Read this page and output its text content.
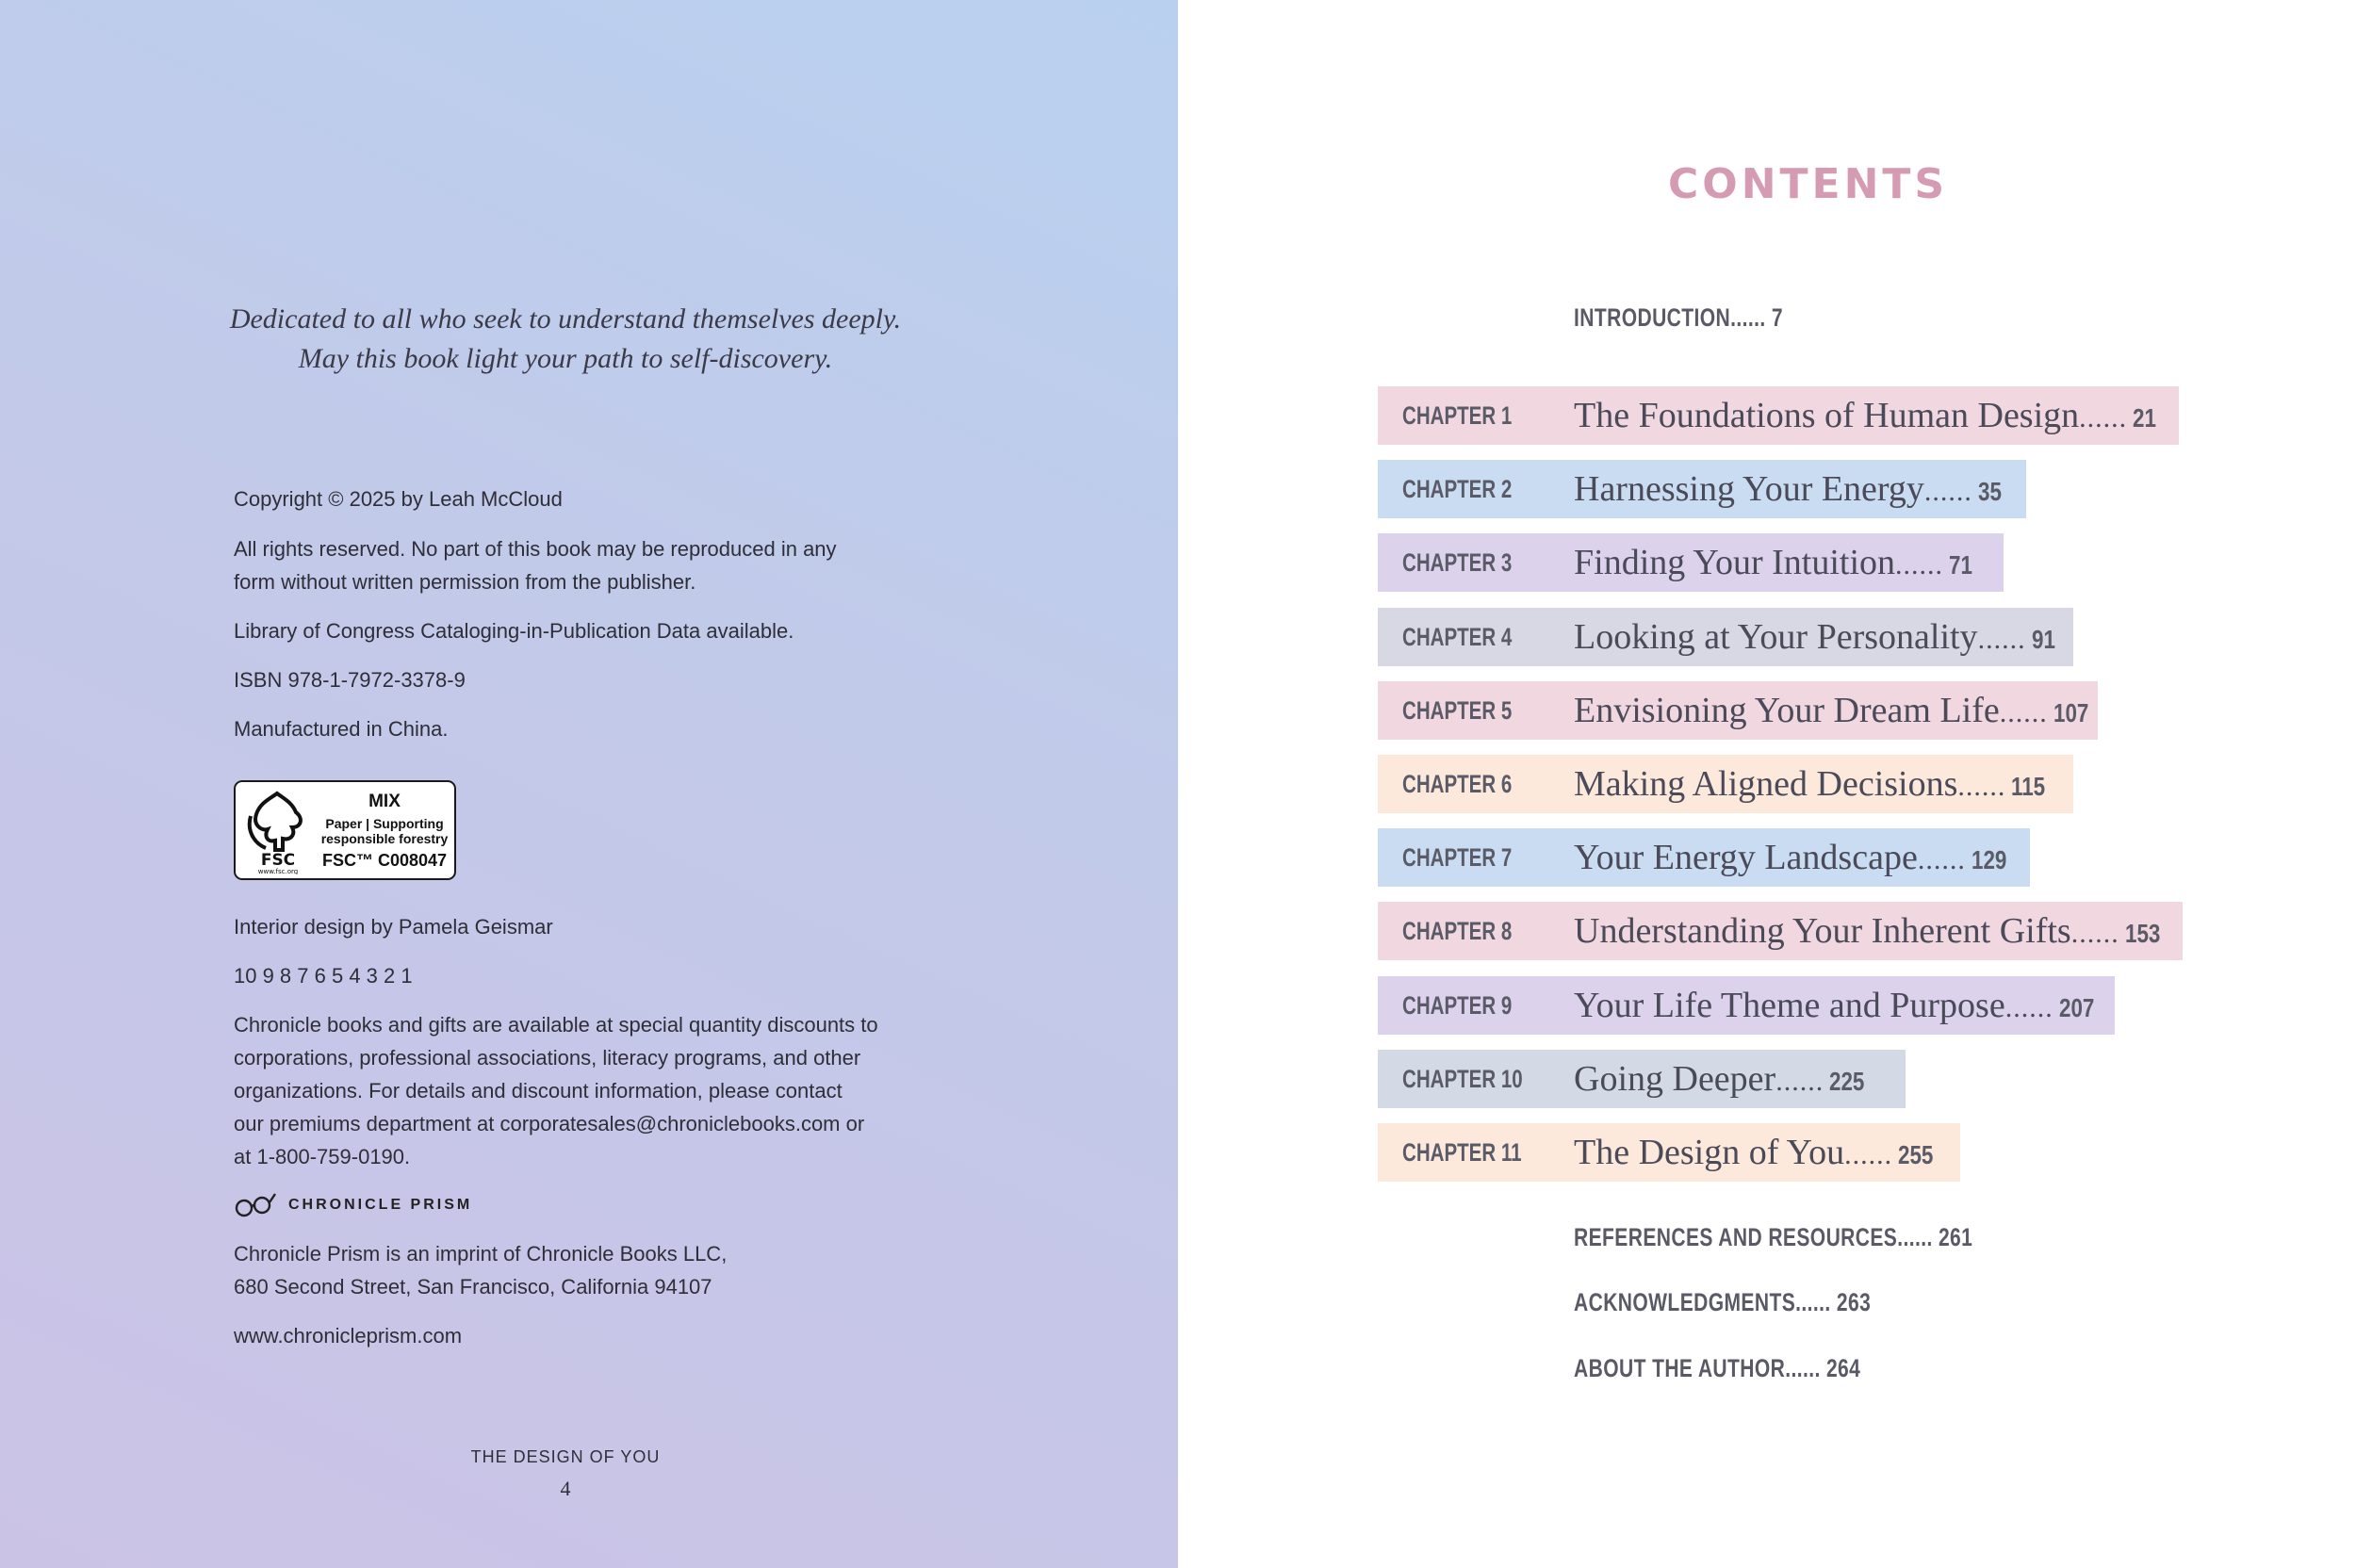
Dedicated to all who seek to understand themselves deeply.
May this book light your path to self-discovery.

Copyright © 2025 by Leah McCloud

All rights reserved. No part of this book may be reproduced in any

form without written permission from the publisher.

Library of Congress Cataloging-in-Publication Data available.

ISBN 978-1-7972-3378-9

Manufactured in China.

Interior design by Pamela Geismar

10 9 8 7 6 5 4 3 2 1

Chronicle books and gifts are available at special quantity discounts to

corporations, professional associations, literacy programs, and other

organizations. For details and discount information, please contact

our premiums department at corporatesales@chroniclebooks.com or

at 1-800-759-0190.

Chronicle Prism is an imprint of Chronicle Books LLC,

680 Second Street, San Francisco, California 94107

www.chronicleprism.com

FSC
www.fsc.org
MIX
Paper | Supporting
responsible forestry
FSC™ C008047
CHRONICLE PRISM
THE DESIGN OF YOU
4
CONTENTS
INTRODUCTION...... 7
CHAPTER 1 The Foundations of Human Design...... 21
CHAPTER 2 Harnessing Your Energy...... 35
CHAPTER 3 Finding Your Intuition...... 71
CHAPTER 4 Looking at Your Personality...... 91
CHAPTER 5 Envisioning Your Dream Life...... 107
CHAPTER 6 Making Aligned Decisions...... 115
CHAPTER 7 Your Energy Landscape...... 129
CHAPTER 8 Understanding Your Inherent Gifts...... 153
CHAPTER 9 Your Life Theme and Purpose...... 207
CHAPTER 10 Going Deeper...... 225
CHAPTER 11 The Design of You...... 255
REFERENCES AND RESOURCES...... 261
ACKNOWLEDGMENTS...... 263
ABOUT THE AUTHOR...... 264
